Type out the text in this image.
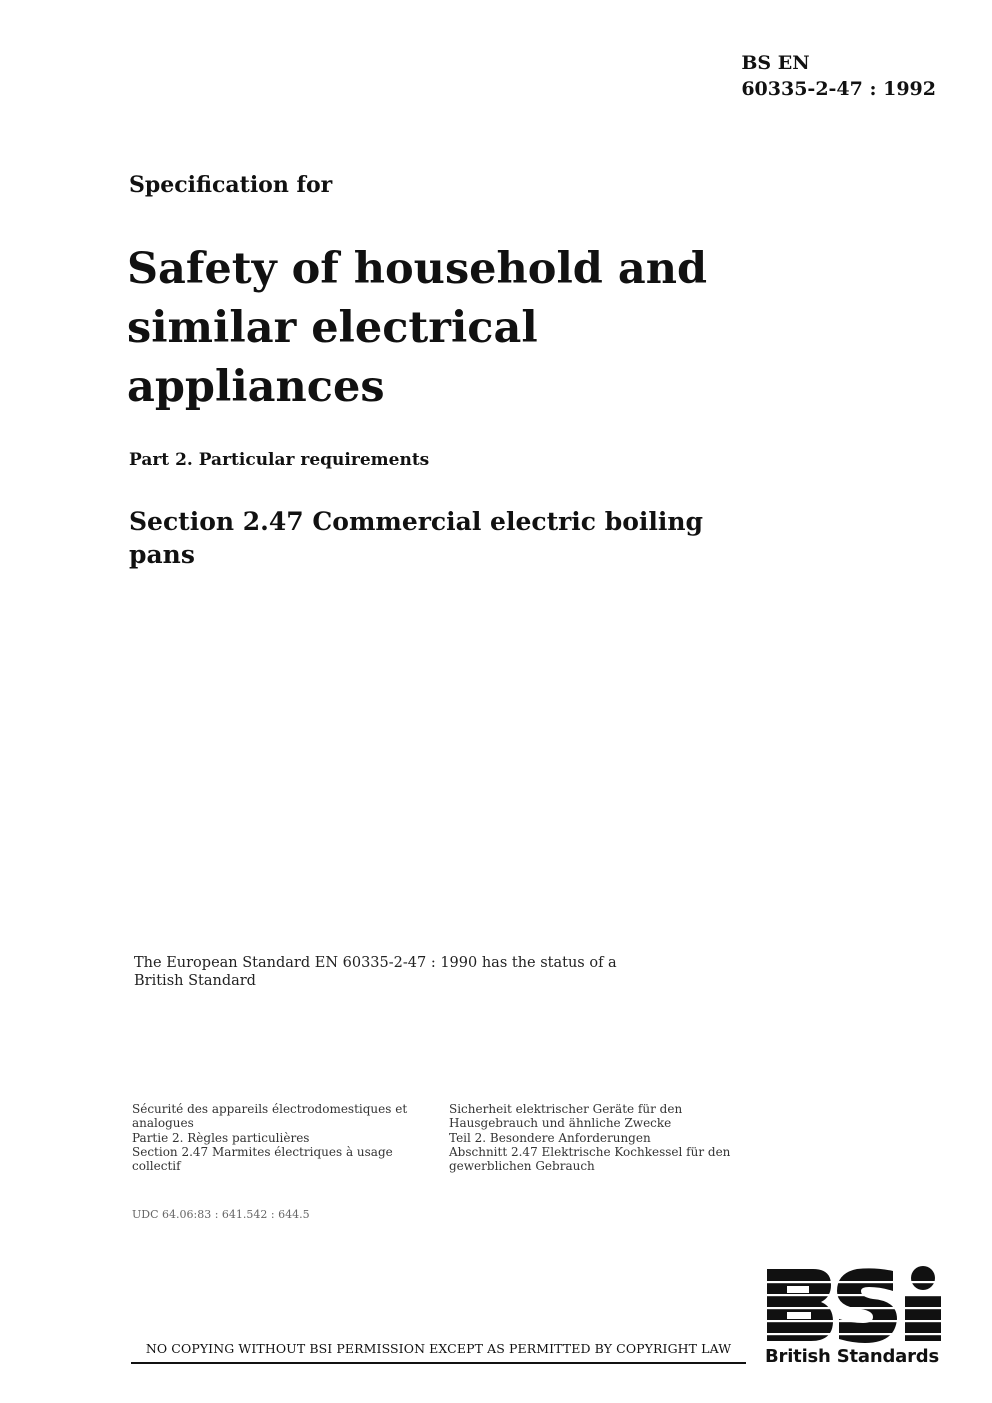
BS EN
60335-2-47 : 1992
Specification for
Safety of household and
similar electrical
appliances
Part 2. Particular requirements
Section 2.47 Commercial electric boiling
pans
The European Standard EN 60335-2-47 : 1990 has the status of a
British Standard
Sécurité des appareils électrodomestiques et
analogues
Partie 2. Règles particulières
Section 2.47 Marmites électriques à usage
collectif
Sicherheit elektrischer Geräte für den
Hausgebrauch und ähnliche Zwecke
Teil 2. Besondere Anforderungen
Abschnitt 2.47 Elektrische Kochkessel für den
gewerblichen Gebrauch
UDC 64.06:83 : 641.542 : 644.5
NO COPYING WITHOUT BSI PERMISSION EXCEPT AS PERMITTED BY COPYRIGHT LAW	British Standards
